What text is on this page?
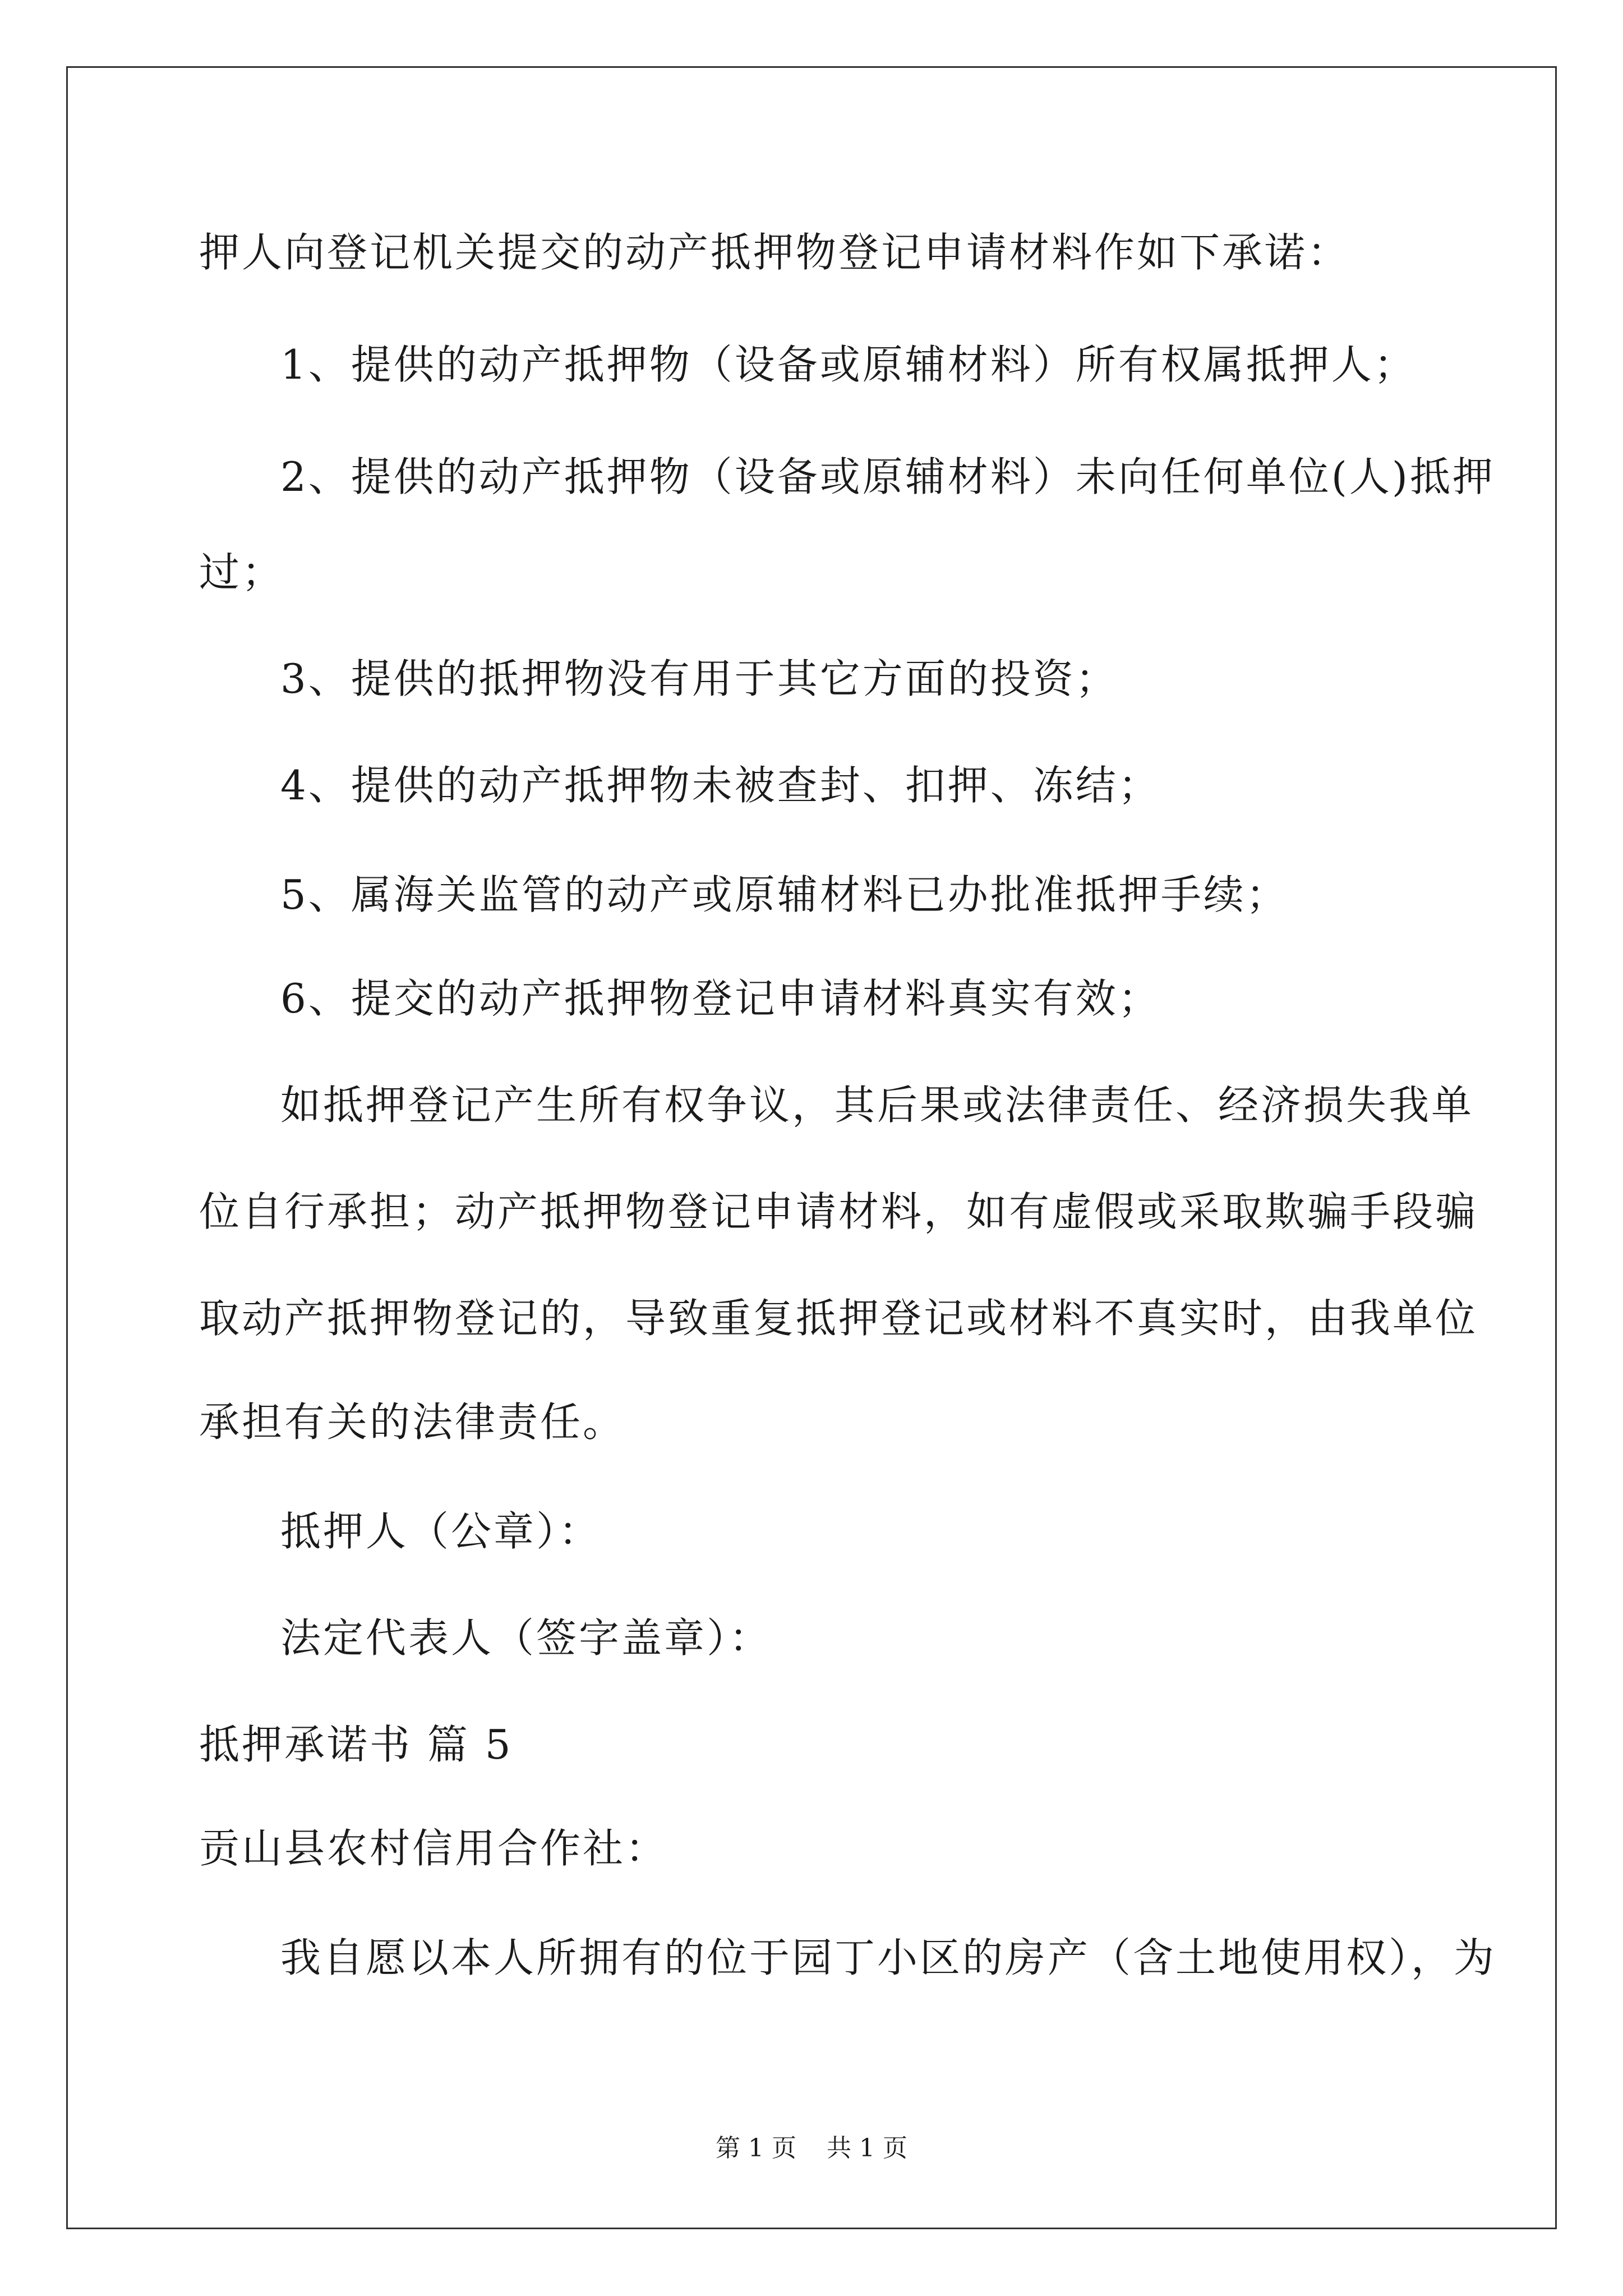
押人向登记机关提交的动产抵押物登记申请材料作如下承诺：
1、提供的动产抵押物（设备或原辅材料）所有权属抵押人；
2、提供的动产抵押物（设备或原辅材料）未向任何单位(人)抵押
过；
3、提供的抵押物没有用于其它方面的投资；
4、提供的动产抵押物未被查封、扣押、冻结；
5、属海关监管的动产或原辅材料已办批准抵押手续；
6、提交的动产抵押物登记申请材料真实有效；
如抵押登记产生所有权争议，其后果或法律责任、经济损失我单
位自行承担；动产抵押物登记申请材料，如有虚假或采取欺骗手段骗
取动产抵押物登记的，导致重复抵押登记或材料不真实时，由我单位
承担有关的法律责任。
抵押人（公章）：
法定代表人（签字盖章）：
抵押承诺书 篇 5
贡山县农村信用合作社：
我自愿以本人所拥有的位于园丁小区的房产（含土地使用权），为
第 1 页 共 1 页
